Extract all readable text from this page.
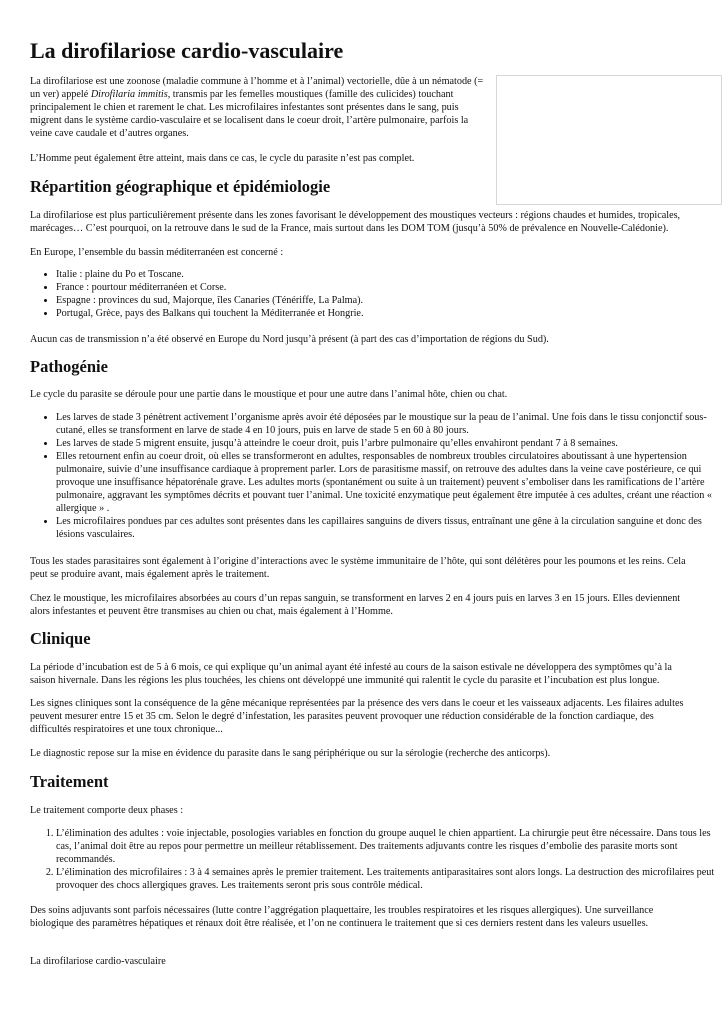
La dirofilariose cardio-vasculaire

La dirofilariose est une zoonose (maladie commune à l’homme et à l’animal) vectorielle, dûe à un nématode (= un ver) appelé Dirofilaria immitis, transmis par les femelles moustiques (famille des culicides) touchant principalement le chien et rarement le chat. Les microfilaires infestantes sont présentes dans le sang, puis migrent dans le système cardio-vasculaire et se localisent dans le coeur droit, l’artère pulmonaire, parfois la veine cave caudale et d’autres organes.

L’Homme peut également être atteint, mais dans ce cas, le cycle du parasite n’est pas complet.

Répartition géographique et épidémiologie

La dirofilariose est plus particulièrement présente dans les zones favorisant le développement des moustiques vecteurs : régions chaudes et humides, tropicales, marécages… C’est pourquoi, on la retrouve dans le sud de la France, mais surtout dans les DOM TOM (jusqu’à 50% de prévalence en Nouvelle-Calédonie).

En Europe, l’ensemble du bassin méditerranéen est concerné :

• Italie : plaine du Po et Toscane.
• France : pourtour méditerranéen et Corse.
• Espagne : provinces du sud, Majorque, îles Canaries (Ténériffe, La Palma).
• Portugal, Grèce, pays des Balkans qui touchent la Méditerranée et Hongrie.

Aucun cas de transmission n’a été observé en Europe du Nord jusqu’à présent (à part des cas d’importation de régions du Sud).

Pathogénie

Le cycle du parasite se déroule pour une partie dans le moustique et pour une autre dans l’animal hôte, chien ou chat.

• Les larves de stade 3 pénètrent activement l’organisme après avoir été déposées par le moustique sur la peau de l’animal. Une fois dans le tissu conjonctif sous-cutané, elles se transforment en larve de stade 4 en 10 jours, puis en larve de stade 5 en 60 à 80 jours.
• Les larves de stade 5 migrent ensuite, jusqu’à atteindre le coeur droit, puis l’arbre pulmonaire qu’elles envahiront pendant 7 à 8 semaines.
• Elles retournent enfin au coeur droit, où elles se transformeront en adultes, responsables de nombreux troubles circulatoires aboutissant à une hypertension pulmonaire, suivie d’une insuffisance cardiaque à proprement parler. Lors de parasitisme massif, on retrouve des adultes dans la veine cave postérieure, ce qui provoque une insuffisance hépatorénale grave. Les adultes morts (spontanément ou suite à un traitement) peuvent s’emboliser dans les ramifications de l’artère pulmonaire, aggravant les symptômes décrits et pouvant tuer l’animal. Une toxicité enzymatique peut également être imputée à ces adultes, créant une réaction « allergique » .
• Les microfilaires pondues par ces adultes sont présentes dans les capillaires sanguins de divers tissus, entraînant une gêne à la circulation sanguine et donc des lésions vasculaires.

Tous les stades parasitaires sont également à l’origine d’interactions avec le système immunitaire de l’hôte, qui sont délétères pour les poumons et les reins. Cela peut se produire avant, mais également après le traitement.

Chez le moustique, les microfilaires absorbées au cours d’un repas sanguin, se transforment en larves 2 en 4 jours puis en larves 3 en 15 jours. Elles deviennent alors infestantes et peuvent être transmises au chien ou chat, mais également à l’Homme.

Clinique

La période d’incubation est de 5 à 6 mois, ce qui explique qu’un animal ayant été infesté au cours de la saison estivale ne développera des symptômes qu’à la saison hivernale. Dans les régions les plus touchées, les chiens ont développé une immunité qui ralentit le cycle du parasite et l’incubation est plus longue.

Les signes cliniques sont la conséquence de la gêne mécanique représentées par la présence des vers dans le coeur et les vaisseaux adjacents. Les filaires adultes peuvent mesurer entre 15 et 35 cm. Selon le degré d’infestation, les parasites peuvent provoquer une réduction considérable de la fonction cardiaque, des difficultés respiratoires et une toux chronique...

Le diagnostic repose sur la mise en évidence du parasite dans le sang périphérique ou sur la sérologie (recherche des anticorps).

Traitement

Le traitement comporte deux phases :

1. L’élimination des adultes : voie injectable, posologies variables en fonction du groupe auquel le chien appartient. La chirurgie peut être nécessaire. Dans tous les cas, l’animal doit être au repos pour permettre un meilleur rétablissement. Des traitements adjuvants contre les risques d’embolie des parasite morts sont recommandés.
2. L’élimination des microfilaires : 3 à 4 semaines après le premier traitement. Les traitements antiparasitaires sont alors longs. La destruction des microfilaires peut provoquer des chocs allergiques graves. Les traitements seront pris sous contrôle médical.

Des soins adjuvants sont parfois nécessaires (lutte contre l’aggrégation plaquettaire, les troubles respiratoires et les risques allergiques). Une surveillance biologique des paramètres hépatiques et rénaux doit être réalisée, et l’on ne continuera le traitement que si ces derniers restent dans les valeurs usuelles.

La dirofilariose cardio-vasculaire
